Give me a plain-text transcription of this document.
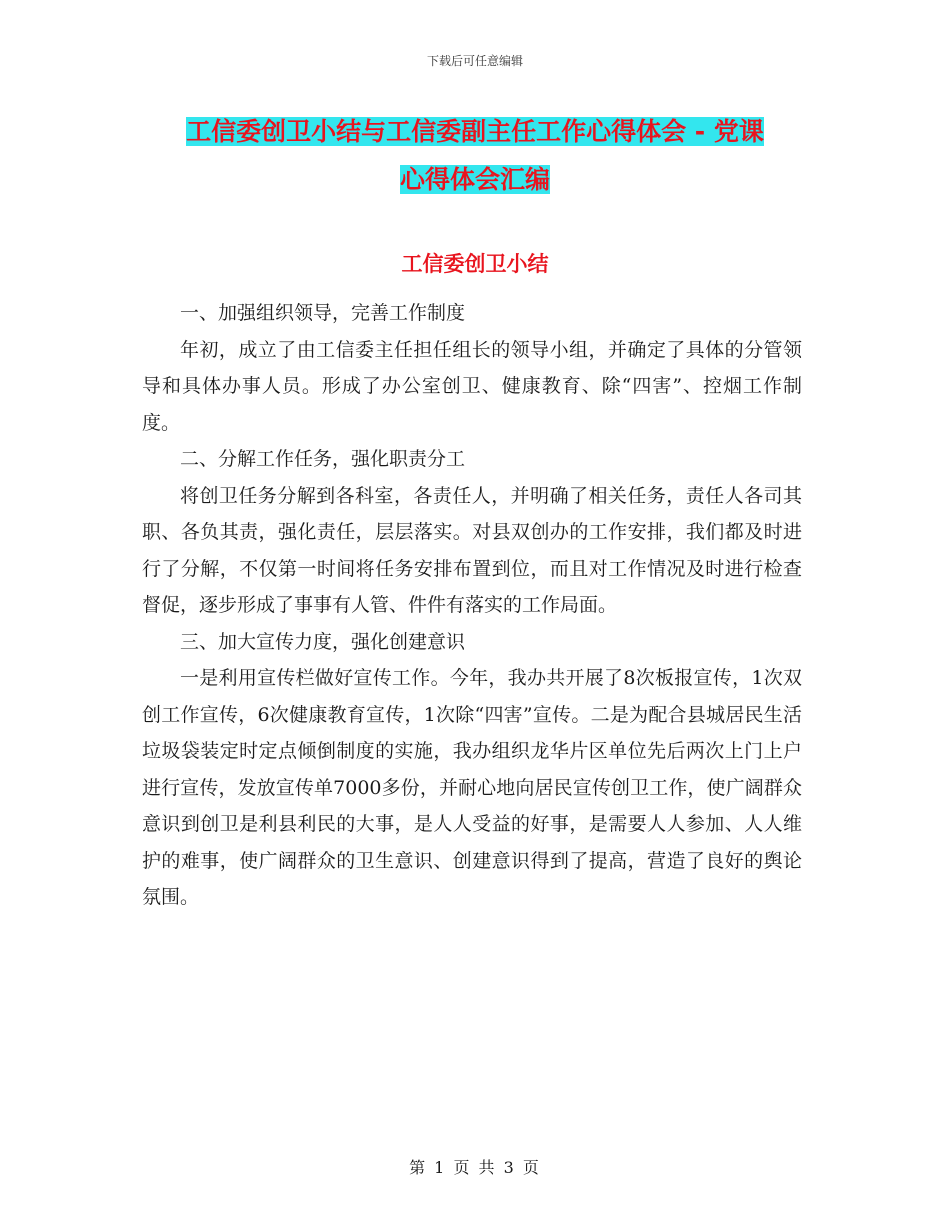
下载后可任意编辑
工信委创卫小结与工信委副主任工作心得体会 - 党课
心得体会汇编
工信委创卫小结

一、加强组织领导，完善工作制度

年初，成立了由工信委主任担任组长的领导小组，并确定了具体的分管领导和具体办事人员。形成了办公室创卫、健康教育、除“四害”、控烟工作制度。

二、分解工作任务，强化职责分工

将创卫任务分解到各科室，各责任人，并明确了相关任务，责任人各司其职、各负其责，强化责任，层层落实。对县双创办的工作安排，我们都及时进行了分解，不仅第一时间将任务安排布置到位，而且对工作情况及时进行检查督促，逐步形成了事事有人管、件件有落实的工作局面。

三、加大宣传力度，强化创建意识

一是利用宣传栏做好宣传工作。今年，我办共开展了8次板报宣传，1次双创工作宣传，6次健康教育宣传，1次除“四害”宣传。二是为配合县城居民生活垃圾袋装定时定点倾倒制度的实施，我办组织龙华片区单位先后两次上门上户进行宣传，发放宣传单7000多份，并耐心地向居民宣传创卫工作，使广阔群众意识到创卫是利县利民的大事，是人人受益的好事，是需要人人参加、人人维护的难事，使广阔群众的卫生意识、创建意识得到了提高，营造了良好的舆论氛围。

第 1 页 共 3 页
